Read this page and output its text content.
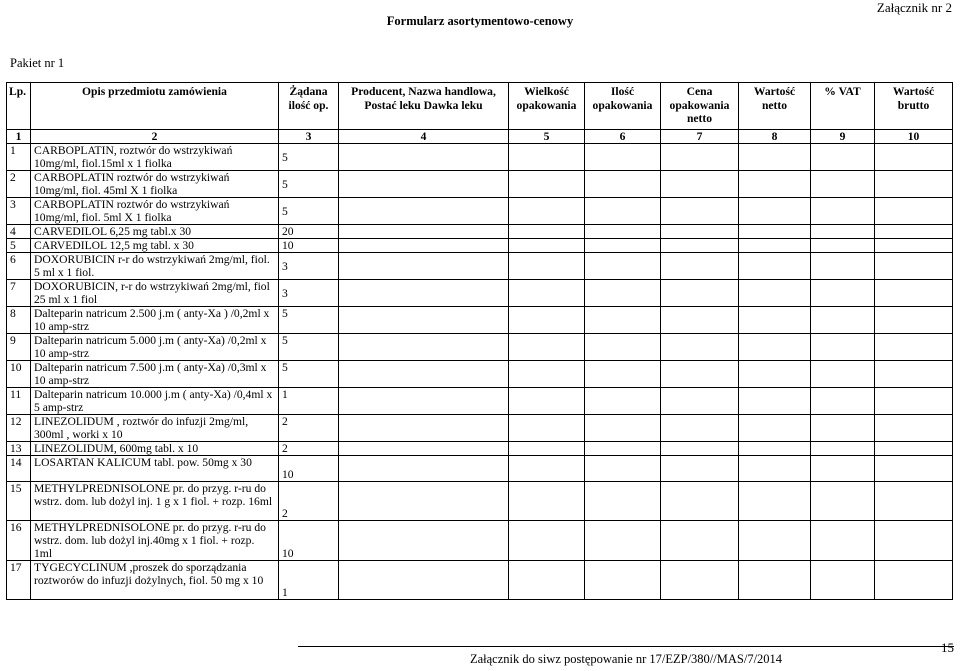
Załącznik nr 2
Formularz asortymentowo-cenowy
Pakiet nr 1
Lp.	Opis przedmiotu zamówienia	Żądana ilość op.	Producent, Nazwa handlowa, Postać leku Dawka leku	Wielkość opakowania	Ilość opakowania	Cena opakowania netto	Wartość netto	% VAT	Wartość brutto
1	2	3	4	5	6	7	8	9	10
1	CARBOPLATIN, roztwór do wstrzykiwań 10mg/ml, fiol.15ml x 1 fiolka	5							
2	CARBOPLATIN roztwór do wstrzykiwań 10mg/ml, fiol. 45ml X 1 fiolka	5							
3	CARBOPLATIN roztwór do wstrzykiwań 10mg/ml, fiol. 5ml X 1 fiolka	5							
4	CARVEDILOL 6,25 mg tabl.x 30	20							
5	CARVEDILOL 12,5 mg tabl. x 30	10							
6	DOXORUBICIN r-r do wstrzykiwań 2mg/ml, fiol. 5 ml x 1 fiol.	3							
7	DOXORUBICIN, r-r do wstrzykiwań 2mg/ml, fiol 25 ml x 1 fiol	3							
8	Dalteparin natricum 2.500 j.m ( anty-Xa ) /0,2ml x 10 amp-strz	5							
9	Dalteparin natricum 5.000 j.m ( anty-Xa) /0,2ml x 10 amp-strz	5							
10	Dalteparin natricum 7.500 j.m ( anty-Xa) /0,3ml x 10 amp-strz	5							
11	Dalteparin natricum 10.000 j.m ( anty-Xa) /0,4ml x 5 amp-strz	1							
12	LINEZOLIDUM , roztwór do infuzji 2mg/ml, 300ml , worki x 10	2							
13	LINEZOLIDUM, 600mg tabl. x 10	2							
14	LOSARTAN KALICUM tabl. pow. 50mg x 30	10							
15	METHYLPREDNISOLONE pr. do przyg. r-ru do wstrz. dom. lub dożyl inj. 1 g x 1 fiol. + rozp. 16ml	2							
16	METHYLPREDNISOLONE pr. do przyg. r-ru do wstrz. dom. lub dożyl inj.40mg x 1 fiol. + rozp. 1ml	10							
17	TYGECYCLINUM ,proszek do sporządzania roztworów do infuzji dożylnych, fiol. 50 mg x 10	1							
15
Załącznik do siwz postępowanie nr 17/EZP/380//MAS/7/2014
